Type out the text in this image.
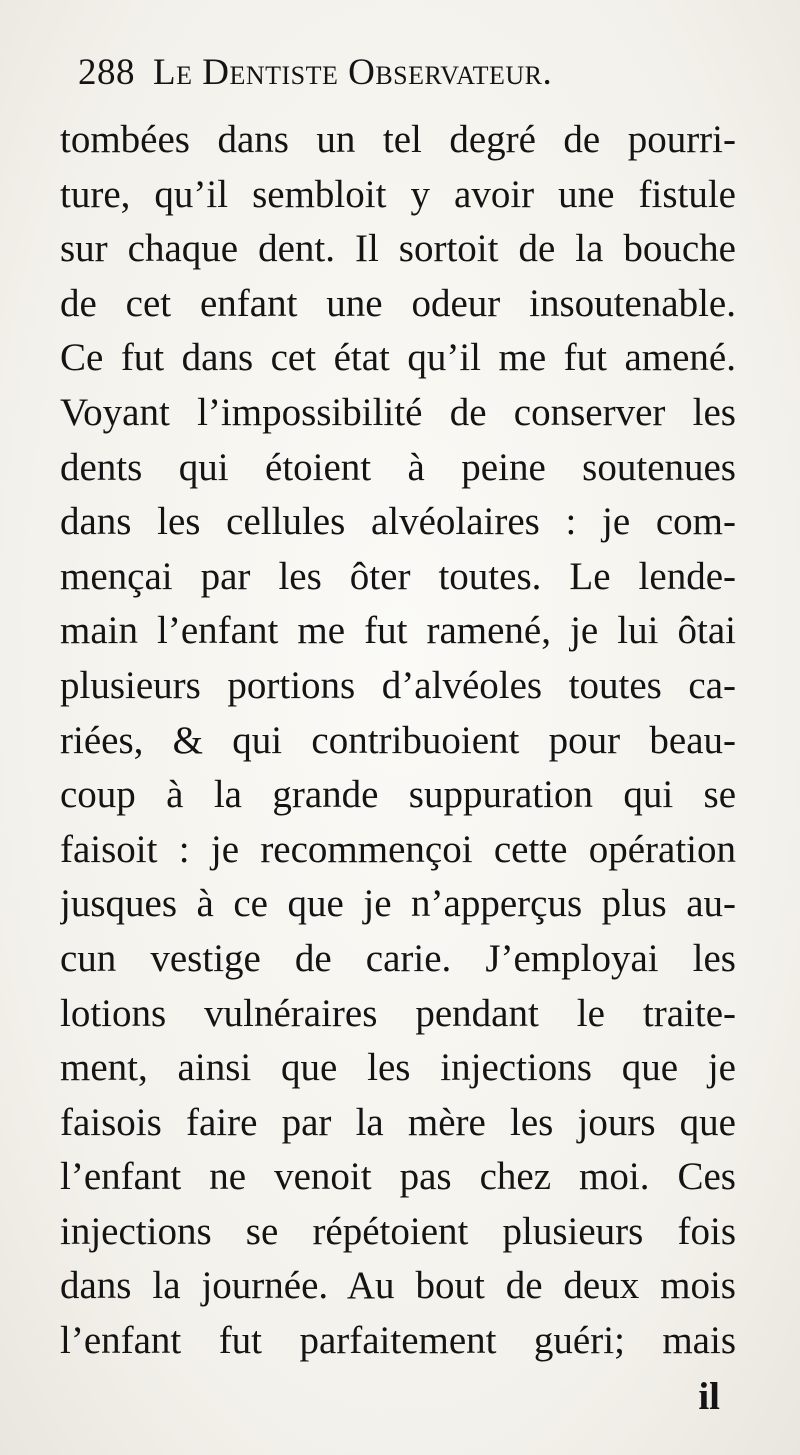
288 Le Dentiste Observateur.
tombées dans un tel degré de pourri-
ture, qu’il sembloit y avoir une fistule
sur chaque dent. Il sortoit de la bouche
de cet enfant une odeur insoutenable.
Ce fut dans cet état qu’il me fut amené.
Voyant l’impossibilité de conserver les
dents qui étoient à peine soutenues
dans les cellules alvéolaires : je com-
mençai par les ôter toutes. Le lende-
main l’enfant me fut ramené, je lui ôtai
plusieurs portions d’alvéoles toutes ca-
riées, & qui contribuoient pour beau-
coup à la grande suppuration qui se
faisoit : je recommençoi cette opération
jusques à ce que je n’apperçus plus au-
cun vestige de carie. J’employai les
lotions vulnéraires pendant le traite-
ment, ainsi que les injections que je
faisois faire par la mère les jours que
l’enfant ne venoit pas chez moi. Ces
injections se répétoient plusieurs fois
dans la journée. Au bout de deux mois
l’enfant fut parfaitement guéri; mais
il
